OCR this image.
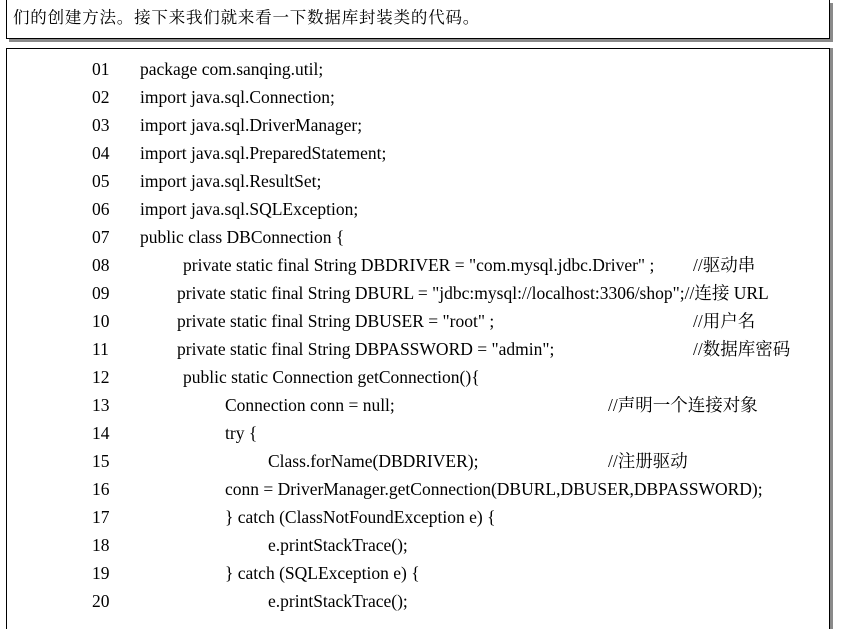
们的创建方法。接下来我们就来看一下数据库封装类的代码。
01 package com.sanqing.util;
02 import java.sql.Connection;
03 import java.sql.DriverManager;
04 import java.sql.PreparedStatement;
05 import java.sql.ResultSet;
06 import java.sql.SQLException;
07 public class DBConnection {
08	private static final String DBDRIVER = "com.mysql.jdbc.Driver" ; //驱动串
09	private static final String DBURL = "jdbc:mysql://localhost:3306/shop";//连接 URL
10	private static final String DBUSER = "root" ;	//用户名
11	private static final String DBPASSWORD = "admin";	//数据库密码
12	public static Connection getConnection(){
13	Connection conn = null;	//声明一个连接对象
14	try {
15	Class.forName(DBDRIVER);	//注册驱动
16	conn = DriverManager.getConnection(DBURL,DBUSER,DBPASSWORD);
17	} catch (ClassNotFoundException e) {
18	e.printStackTrace();
19	} catch (SQLException e) {
20	e.printStackTrace();
